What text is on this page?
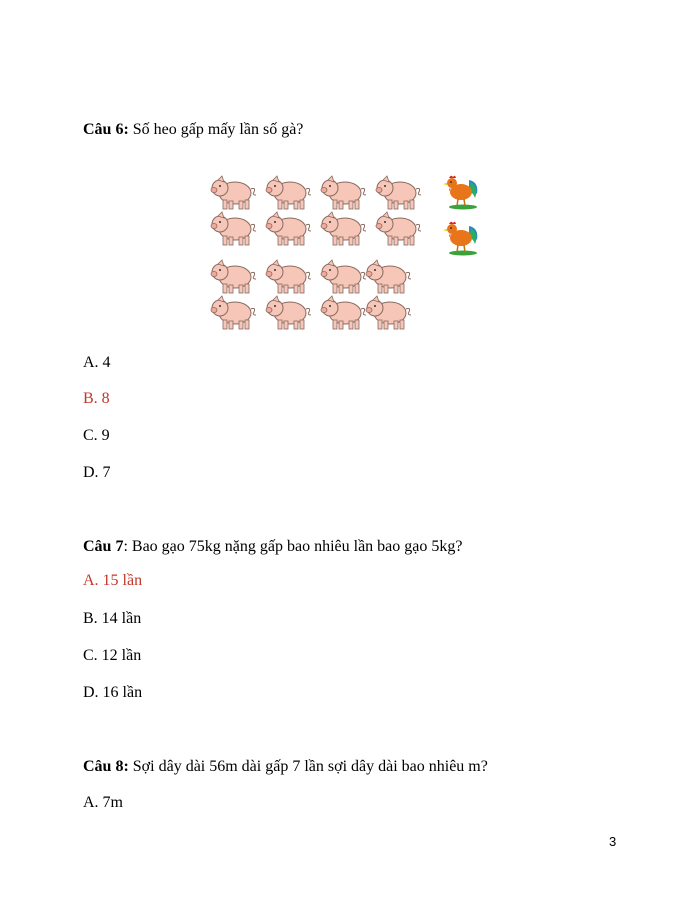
Câu 6: Số heo gấp mấy lần số gà?
A. 4
B. 8
C. 9
D. 7
Câu 7: Bao gạo 75kg nặng gấp bao nhiêu lần bao gạo 5kg?
A. 15 lần
B. 14 lần
C. 12 lần
D. 16 lần
Câu 8: Sợi dây dài 56m dài gấp 7 lần sợi dây dài bao nhiêu m?
A. 7m
3
